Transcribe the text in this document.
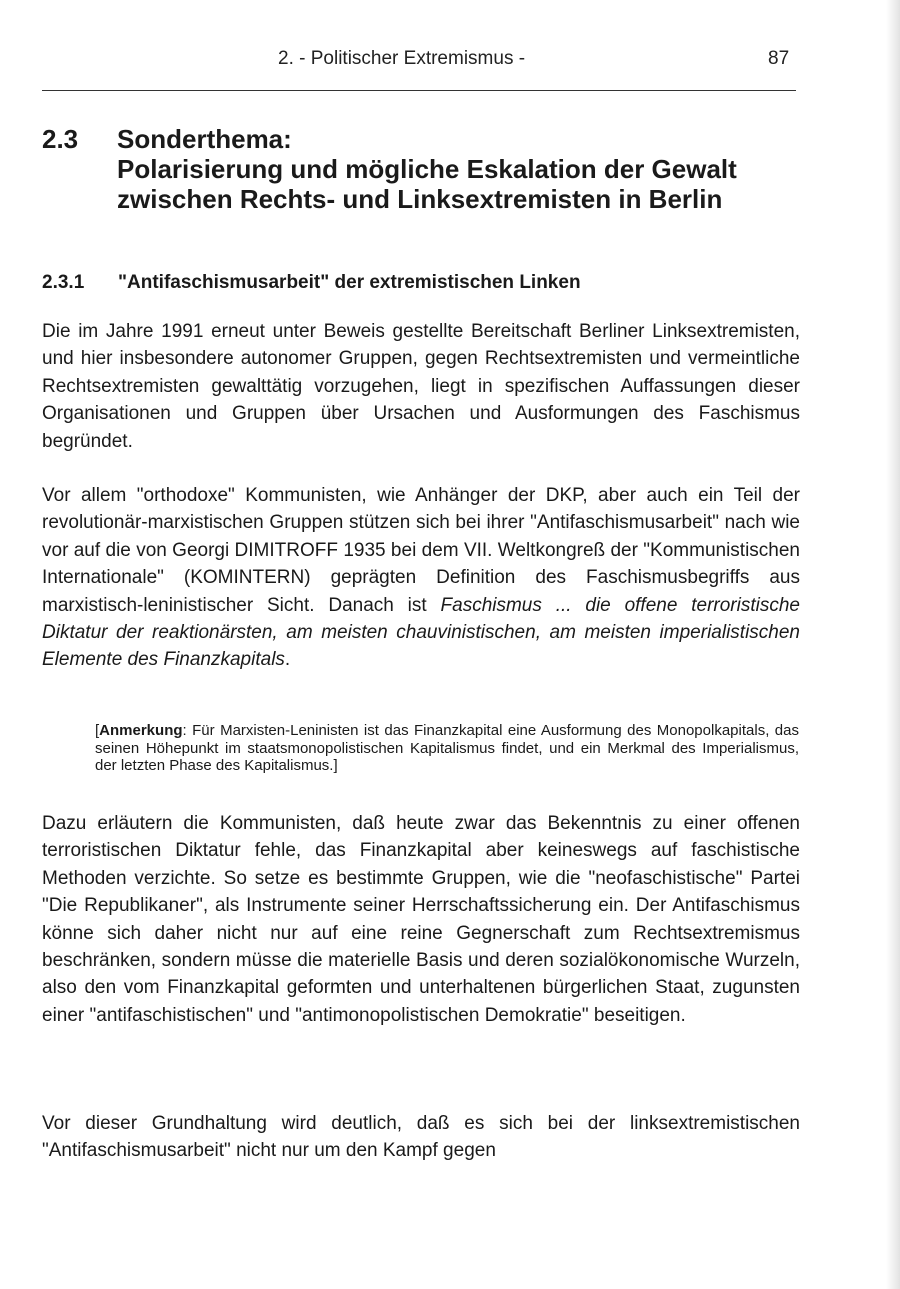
2. - Politischer Extremismus -	87
2.3 Sonderthema:
Polarisierung und mögliche Eskalation der Gewalt
zwischen Rechts- und Linksextremisten in Berlin
2.3.1 "Antifaschismusarbeit" der extremistischen Linken
Die im Jahre 1991 erneut unter Beweis gestellte Bereitschaft Berliner Linksextremisten, und hier insbesondere autonomer Gruppen, gegen Rechtsextremisten und vermeintliche Rechtsextremisten gewalttätig vorzugehen, liegt in spezifischen Auffassungen dieser Organisationen und Gruppen über Ursachen und Ausformungen des Faschismus begründet.
Vor allem "orthodoxe" Kommunisten, wie Anhänger der DKP, aber auch ein Teil der revolutionär-marxistischen Gruppen stützen sich bei ihrer "Antifaschismusarbeit" nach wie vor auf die von Georgi DIMITROFF 1935 bei dem VII. Weltkongreß der "Kommunistischen Internationale" (KOMINTERN) geprägten Definition des Faschismusbegriffs aus marxistisch-leninistischer Sicht. Danach ist Faschismus ... die offene terroristische Diktatur der reaktionärsten, am meisten chauvinistischen, am meisten imperialistischen Elemente des Finanzkapitals.
[Anmerkung: Für Marxisten-Leninisten ist das Finanzkapital eine Ausformung des Monopolkapitals, das seinen Höhepunkt im staatsmonopolistischen Kapitalismus findet, und ein Merkmal des Imperialismus, der letzten Phase des Kapitalismus.]
Dazu erläutern die Kommunisten, daß heute zwar das Bekenntnis zu einer offenen terroristischen Diktatur fehle, das Finanzkapital aber keineswegs auf faschistische Methoden verzichte. So setze es bestimmte Gruppen, wie die "neofaschistische" Partei "Die Republikaner", als Instrumente seiner Herrschaftssicherung ein. Der Antifaschismus könne sich daher nicht nur auf eine reine Gegnerschaft zum Rechtsextremismus beschränken, sondern müsse die materielle Basis und deren sozialökonomische Wurzeln, also den vom Finanzkapital geformten und unterhaltenen bürgerlichen Staat, zugunsten einer "antifaschistischen" und "antimonopolistischen Demokratie" beseitigen.
Vor dieser Grundhaltung wird deutlich, daß es sich bei der linksextremistischen "Antifaschismusarbeit" nicht nur um den Kampf gegen
